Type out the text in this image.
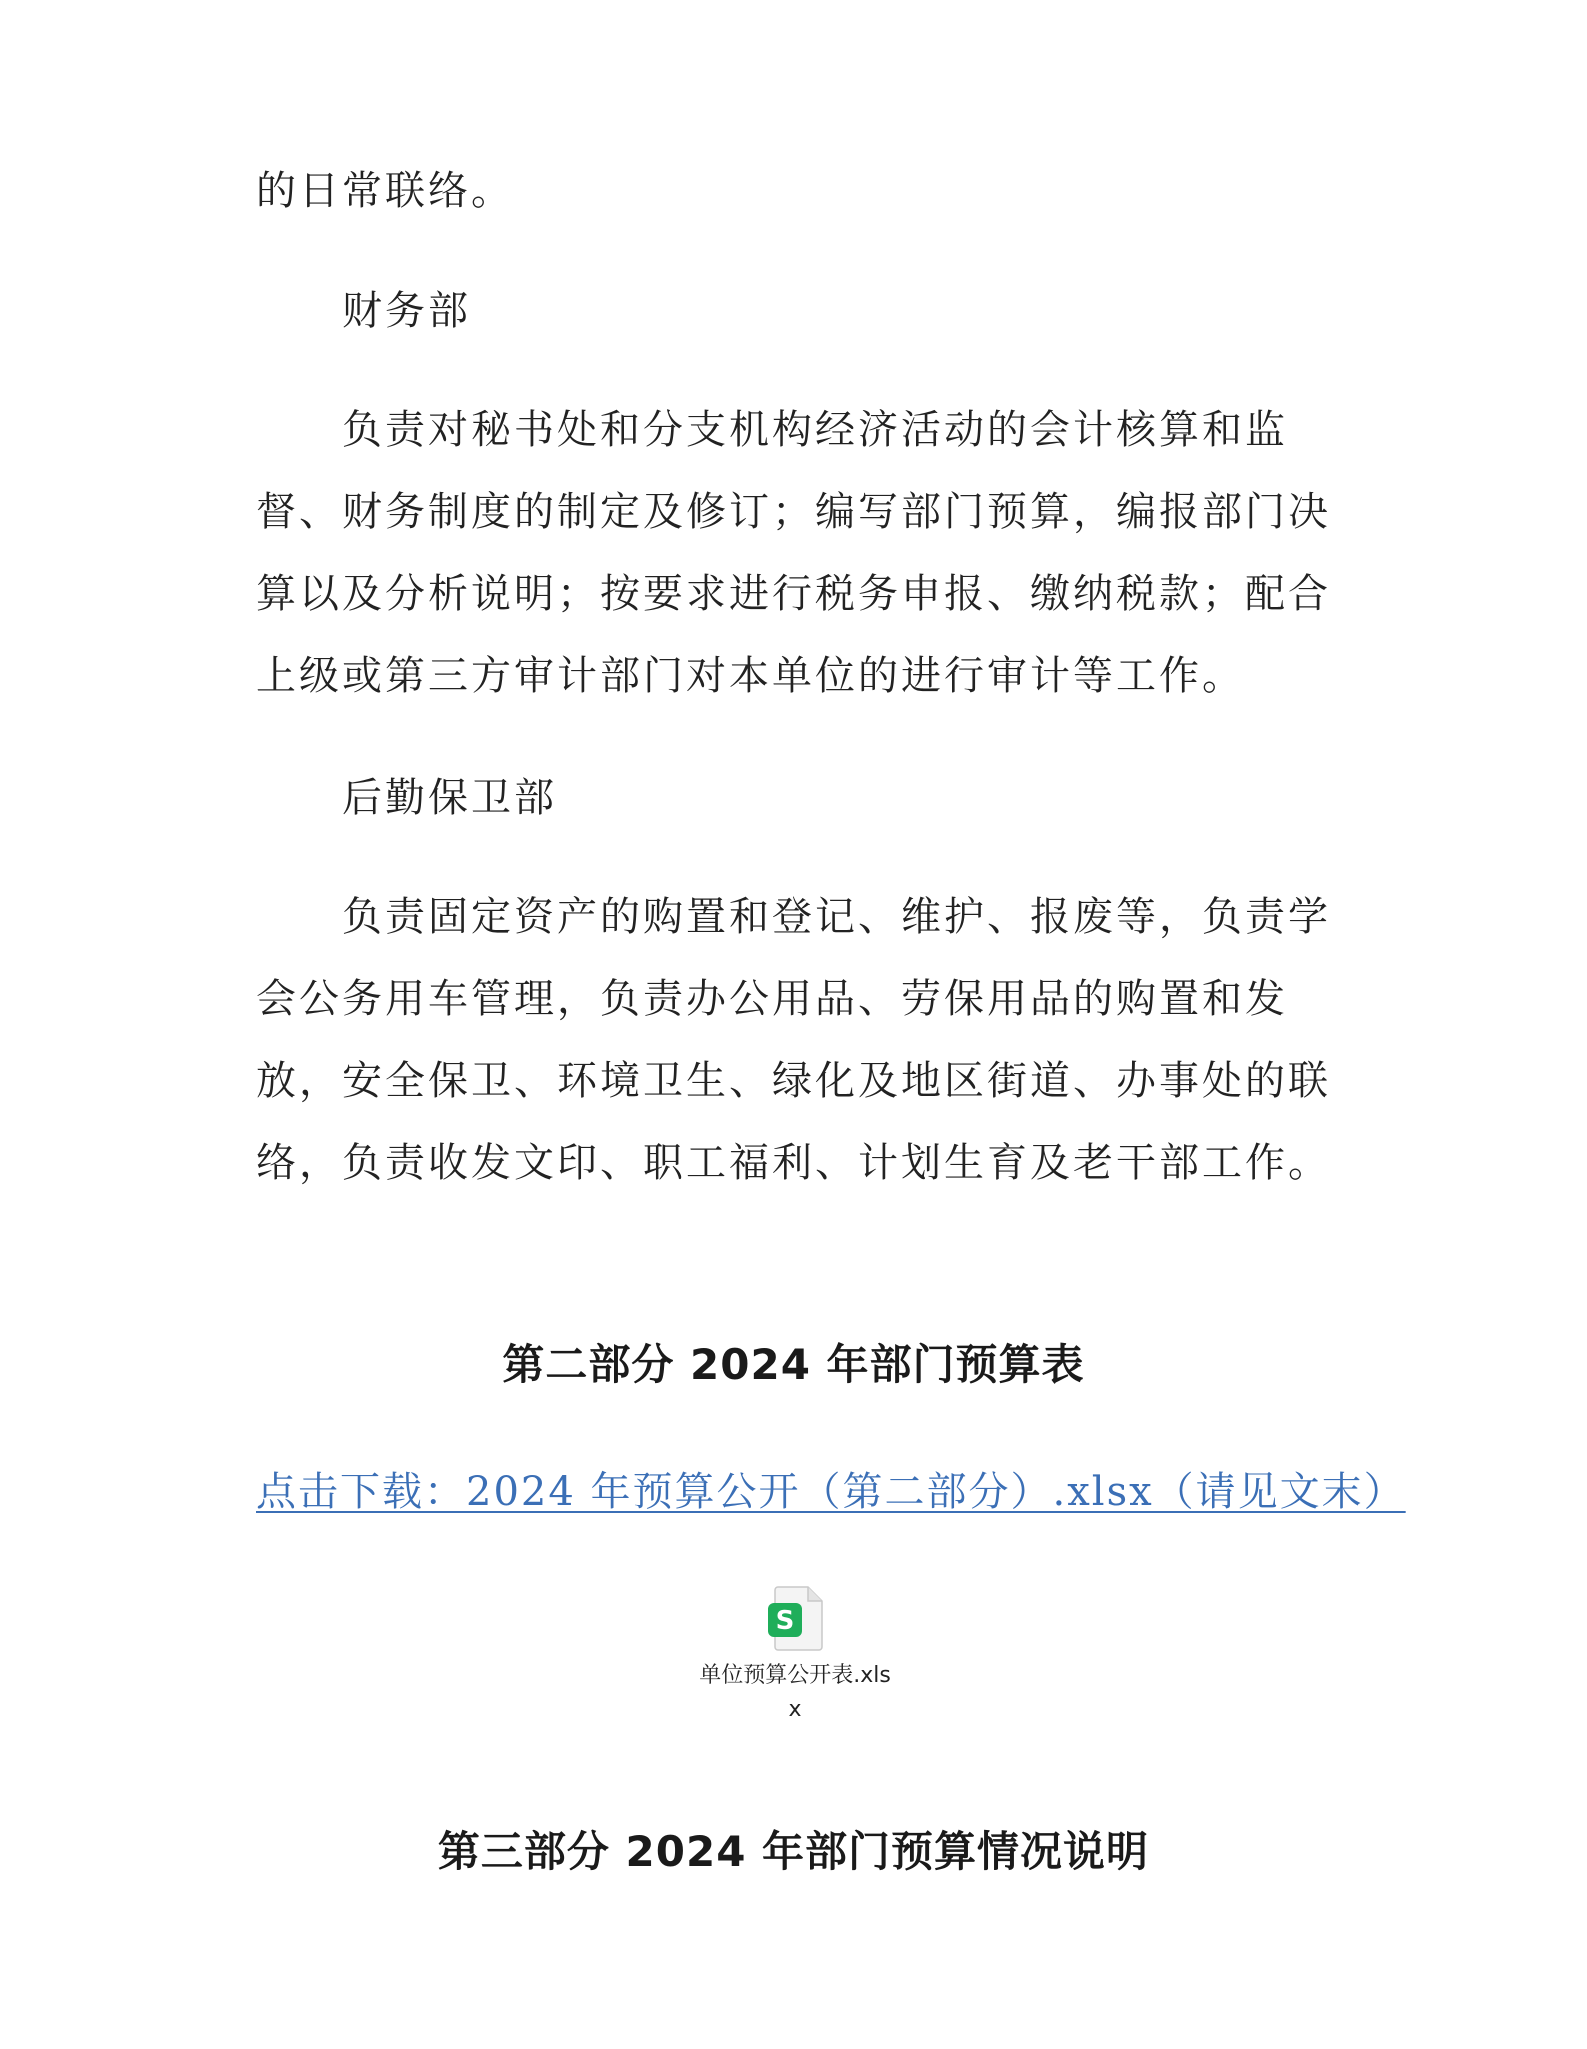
的日常联络。

财务部

负责对秘书处和分支机构经济活动的会计核算和监督、财务制度的制定及修订；编写部门预算，编报部门决算以及分析说明；按要求进行税务申报、缴纳税款；配合上级或第三方审计部门对本单位的进行审计等工作。

后勤保卫部

负责固定资产的购置和登记、维护、报废等，负责学会公务用车管理，负责办公用品、劳保用品的购置和发放，安全保卫、环境卫生、绿化及地区街道、办事处的联络，负责收发文印、职工福利、计划生育及老干部工作。

第二部分 2024 年部门预算表
点击下载：2024 年预算公开（第二部分）.xlsx（请见文末）
S
单位预算公开表.xlsx
第三部分 2024 年部门预算情况说明
